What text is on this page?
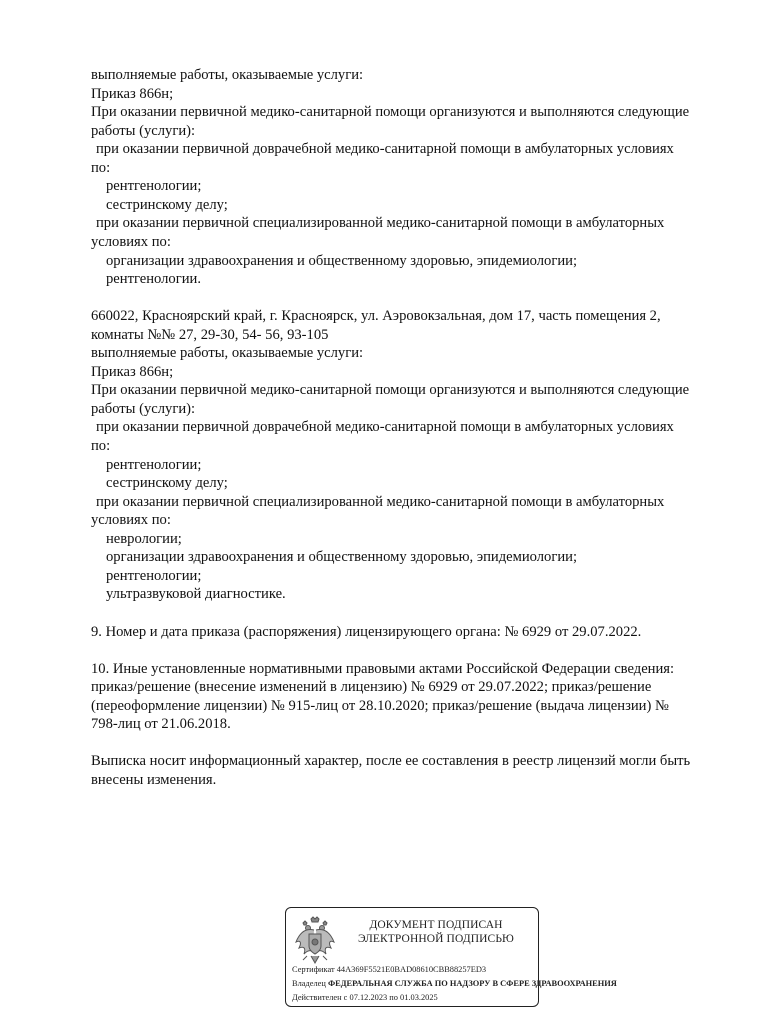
выполняемые работы, оказываемые услуги:
Приказ 866н;
При оказании первичной медико-санитарной помощи организуются и выполняются следующие
работы (услуги):
при оказании первичной доврачебной медико-санитарной помощи в амбулаторных условиях
по:
рентгенологии;
сестринскому делу;
при оказании первичной специализированной медико-санитарной помощи в амбулаторных
условиях по:
организации здравоохранения и общественному здоровью, эпидемиологии;
рентгенологии.
660022, Красноярский край, г. Красноярск, ул. Аэровокзальная, дом 17, часть помещения 2,
комнаты №№ 27, 29-30, 54- 56, 93-105
выполняемые работы, оказываемые услуги:
Приказ 866н;
При оказании первичной медико-санитарной помощи организуются и выполняются следующие
работы (услуги):
при оказании первичной доврачебной медико-санитарной помощи в амбулаторных условиях
по:
рентгенологии;
сестринскому делу;
при оказании первичной специализированной медико-санитарной помощи в амбулаторных
условиях по:
неврологии;
организации здравоохранения и общественному здоровью, эпидемиологии;
рентгенологии;
ультразвуковой диагностике.
9. Номер и дата приказа (распоряжения) лицензирующего органа: № 6929 от 29.07.2022.
10. Иные установленные нормативными правовыми актами Российской Федерации сведения:
приказ/решение (внесение изменений в лицензию) № 6929 от 29.07.2022; приказ/решение
(переоформление лицензии) № 915-лиц от 28.10.2020; приказ/решение (выдача лицензии) №
798-лиц от 21.06.2018.
Выписка носит информационный характер, после ее составления в реестр лицензий могли быть
внесены изменения.
ДОКУМЕНТ ПОДПИСАН
ЭЛЕКТРОННОЙ ПОДПИСЬЮ
Сертификат 44A369F5521E0BAD08610CBB88257ED3
Владелец ФЕДЕРАЛЬНАЯ СЛУЖБА ПО НАДЗОРУ В СФЕРЕ ЗДРАВООХРАНЕНИЯ
Действителен с 07.12.2023 по 01.03.2025
